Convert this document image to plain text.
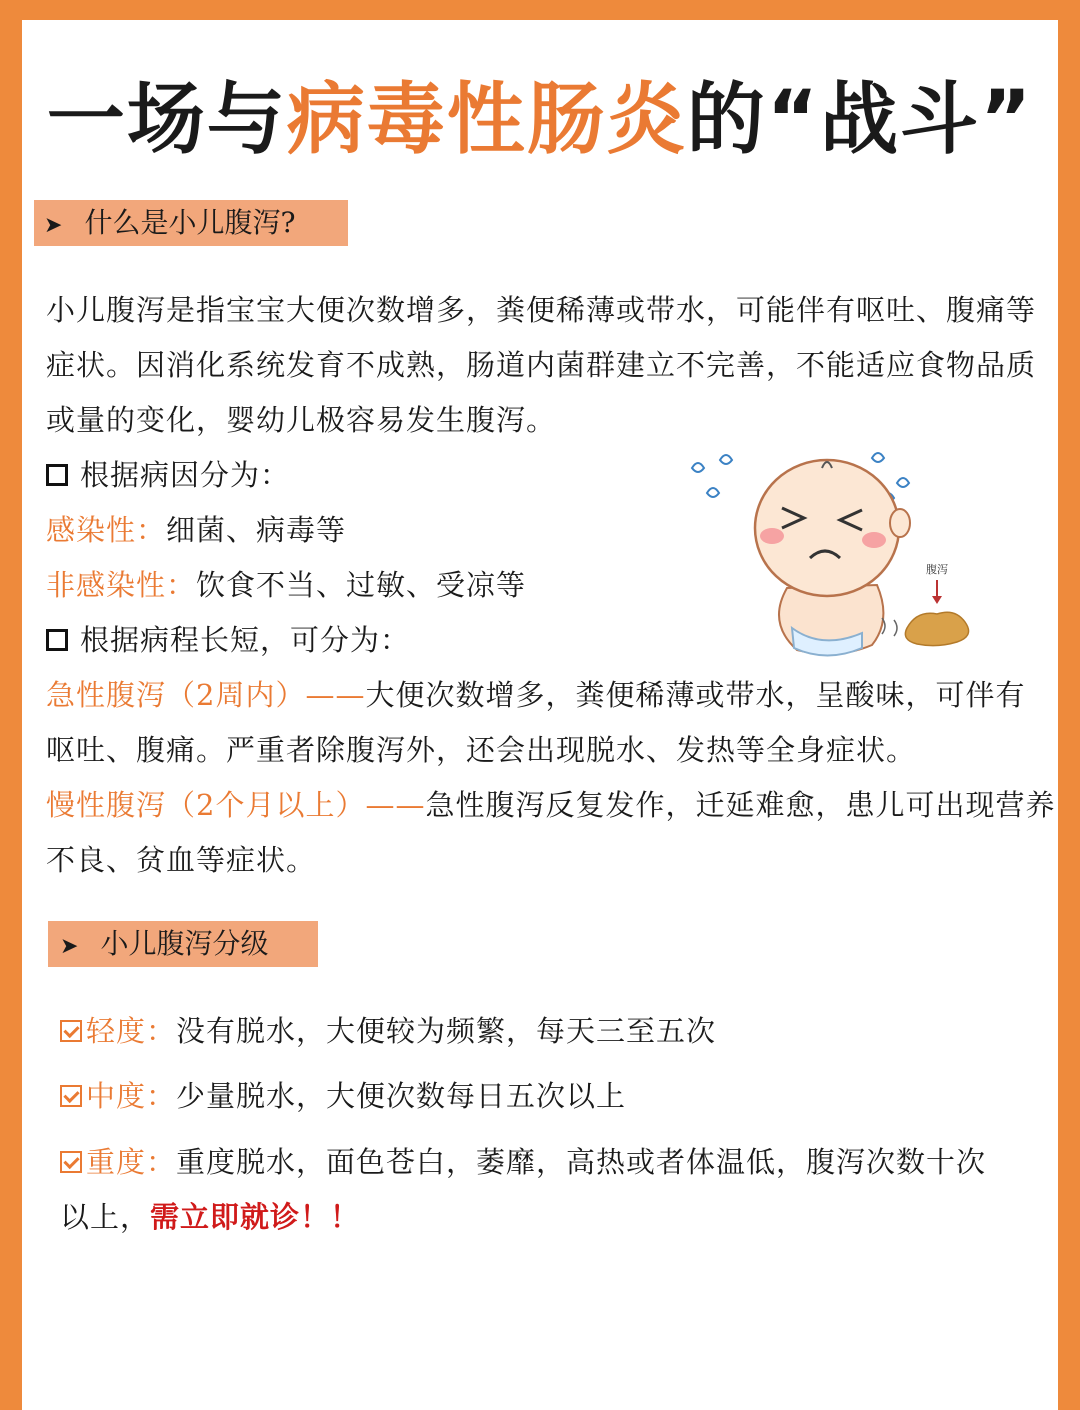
一场与病毒性肠炎的“战斗”
➤ 什么是小儿腹泻?
小儿腹泻是指宝宝大便次数增多，粪便稀薄或带水，可能伴有呕吐、腹痛等症状。因消化系统发育不成熟，肠道内菌群建立不完善，不能适应食物品质或量的变化，婴幼儿极容易发生腹泻。
根据病因分为：
感染性：细菌、病毒等
非感染性：饮食不当、过敏、受凉等
根据病程长短，可分为：
急性腹泻（2周内）——大便次数增多，粪便稀薄或带水，呈酸味，可伴有
呕吐、腹痛。严重者除腹泻外，还会出现脱水、发热等全身症状。
慢性腹泻（2个月以上）——急性腹泻反复发作，迁延难愈，患儿可出现营养
不良、贫血等症状。
腹泻
➤ 小儿腹泻分级
轻度：没有脱水，大便较为频繁，每天三至五次
中度：少量脱水，大便次数每日五次以上
重度：重度脱水，面色苍白，萎靡，高热或者体温低，腹泻次数十次
以上，需立即就诊！！
